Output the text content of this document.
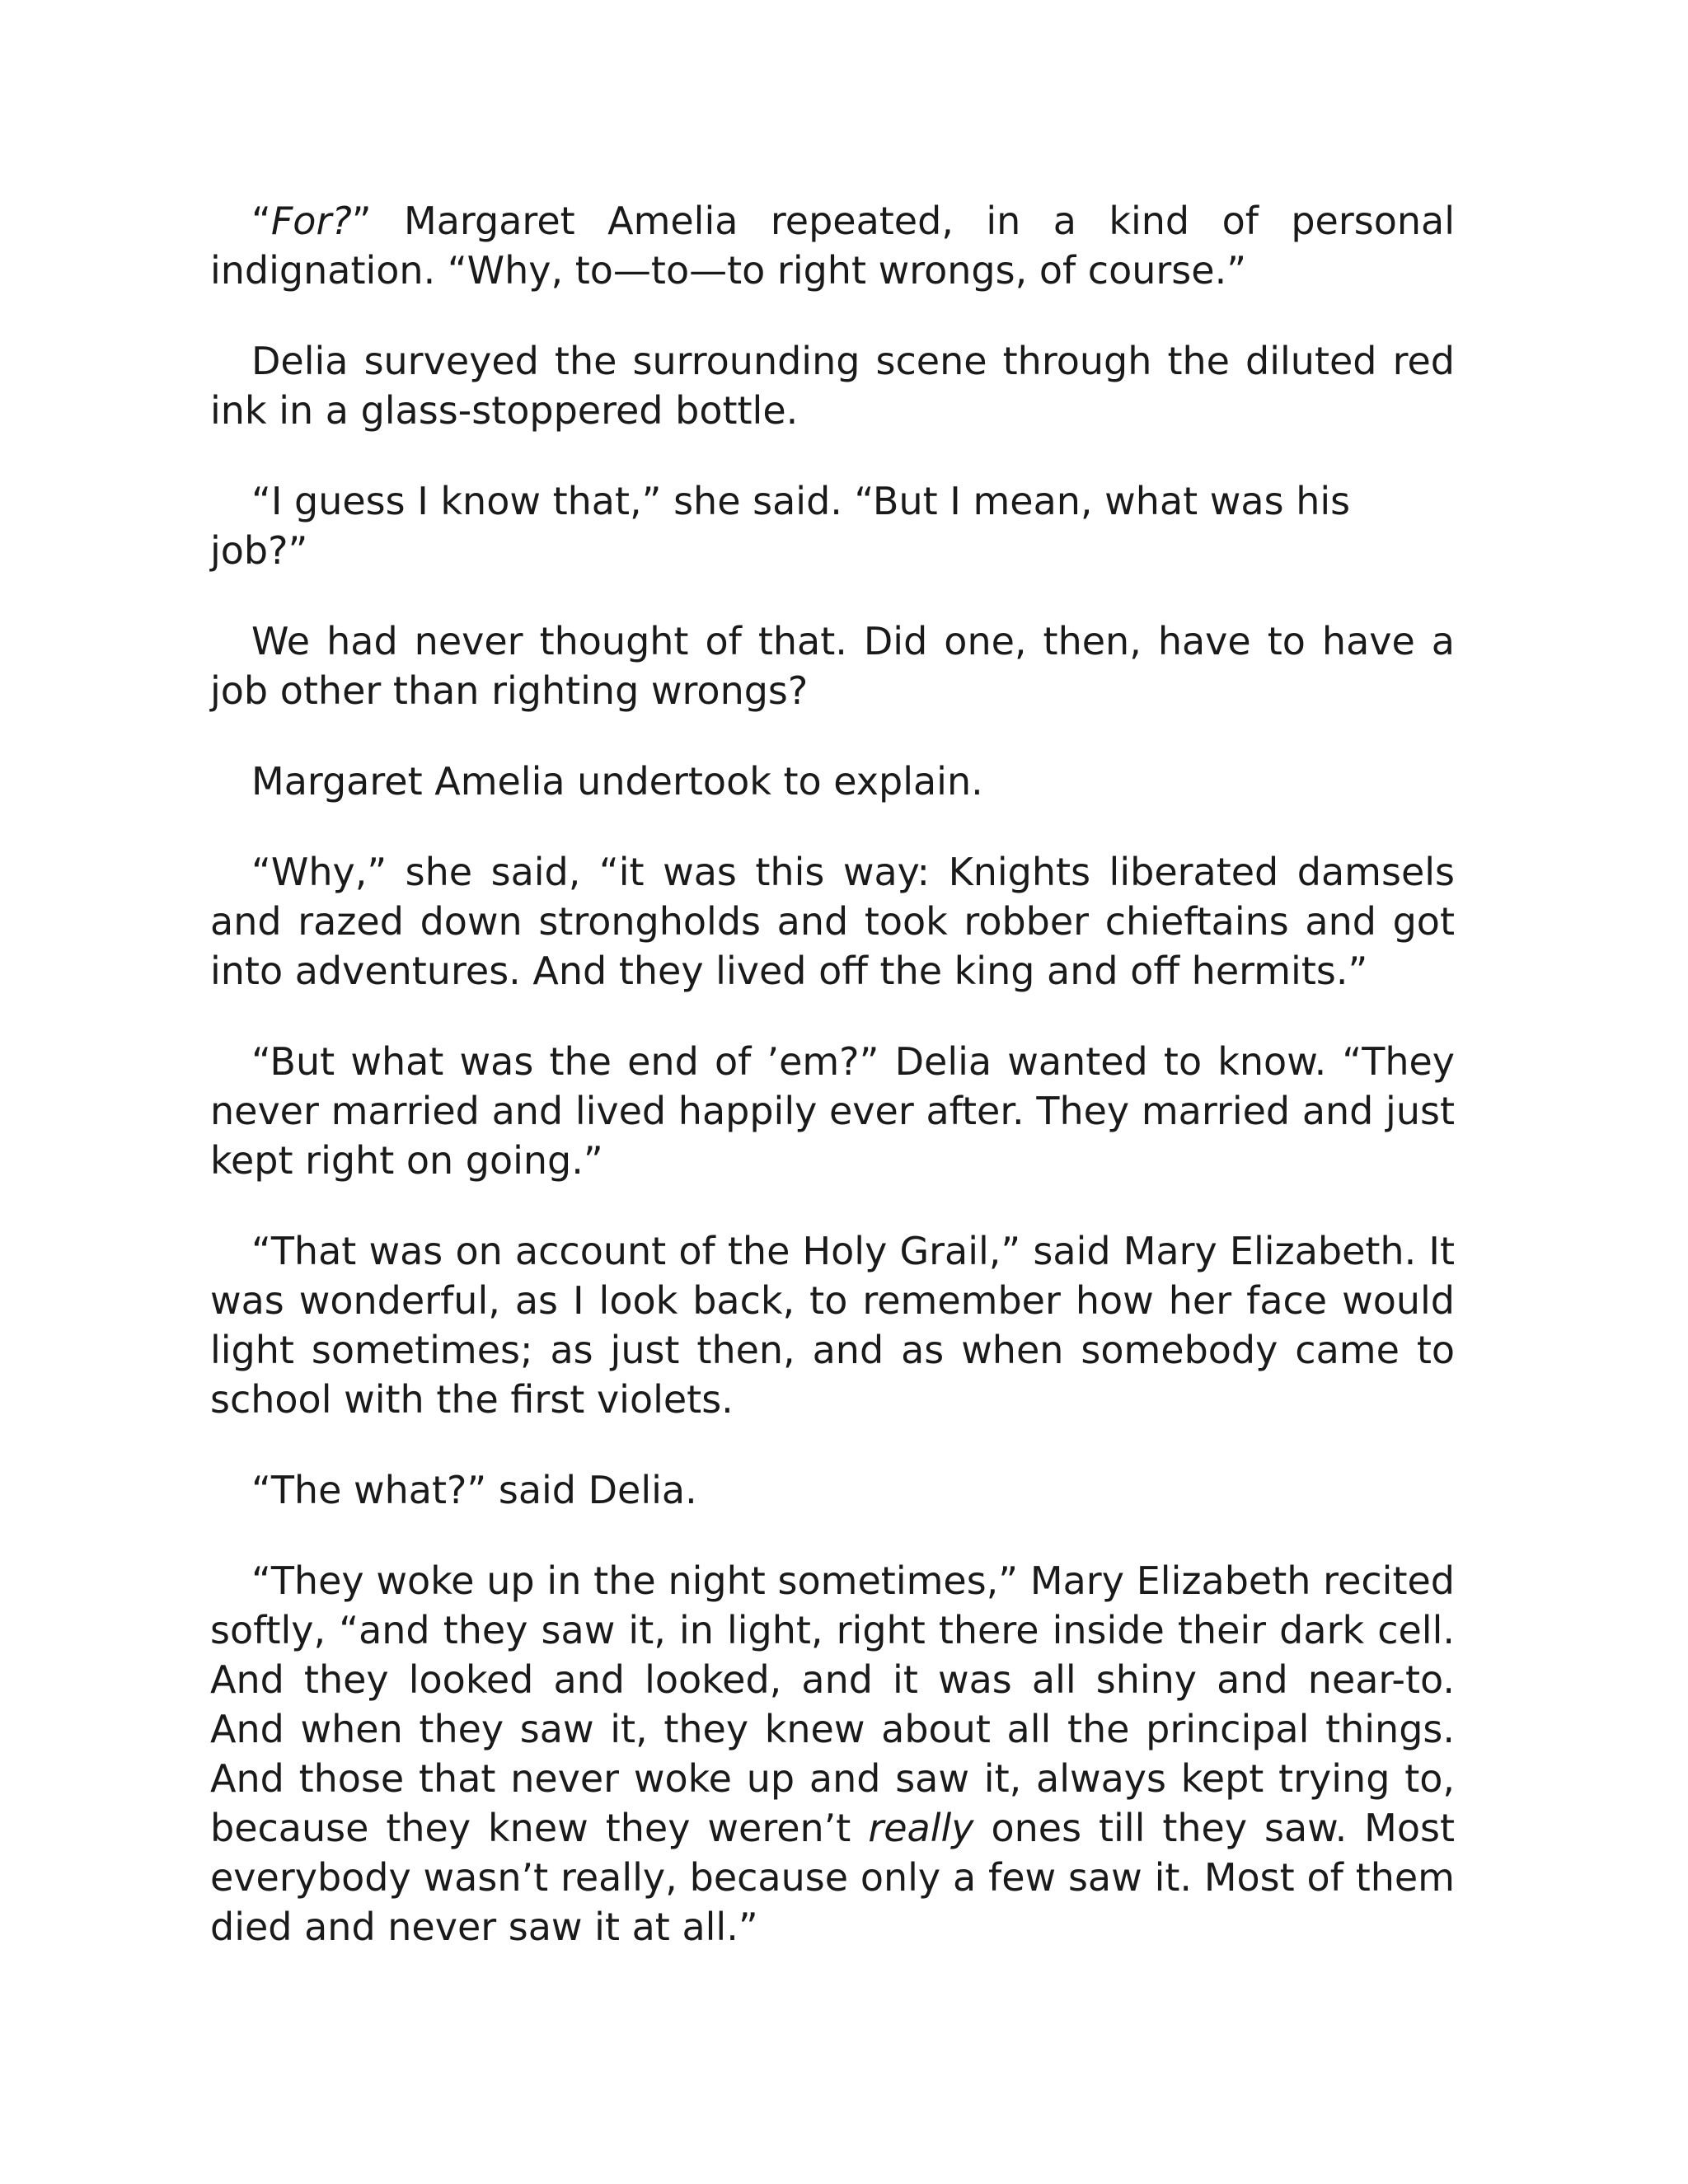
“For?” Margaret Amelia repeated, in a kind of personal indignation. “Why, to—to—to right wrongs, of course.”

Delia surveyed the surrounding scene through the diluted red ink in a glass-stoppered bottle.

“I guess I know that,” she said. “But I mean, what was his job?”

We had never thought of that. Did one, then, have to have a job other than righting wrongs?

Margaret Amelia undertook to explain.

“Why,” she said, “it was this way: Knights liberated damsels and razed down strongholds and took robber chieftains and got into adventures. And they lived off the king and off hermits.”

“But what was the end of ’em?” Delia wanted to know. “They never married and lived happily ever after. They married and just kept right on going.”

“That was on account of the Holy Grail,” said Mary Elizabeth. It was wonderful, as I look back, to remember how her face would light sometimes; as just then, and as when somebody came to school with the first violets.

“The what?” said Delia.

“They woke up in the night sometimes,” Mary Elizabeth recited softly, “and they saw it, in light, right there inside their dark cell. And they looked and looked, and it was all shiny and near-to. And when they saw it, they knew about all the principal things. And those that never woke up and saw it, always kept trying to, because they knew they weren’t really ones till they saw. Most everybody wasn’t really, because only a few saw it. Most of them died and never saw it at all.”
